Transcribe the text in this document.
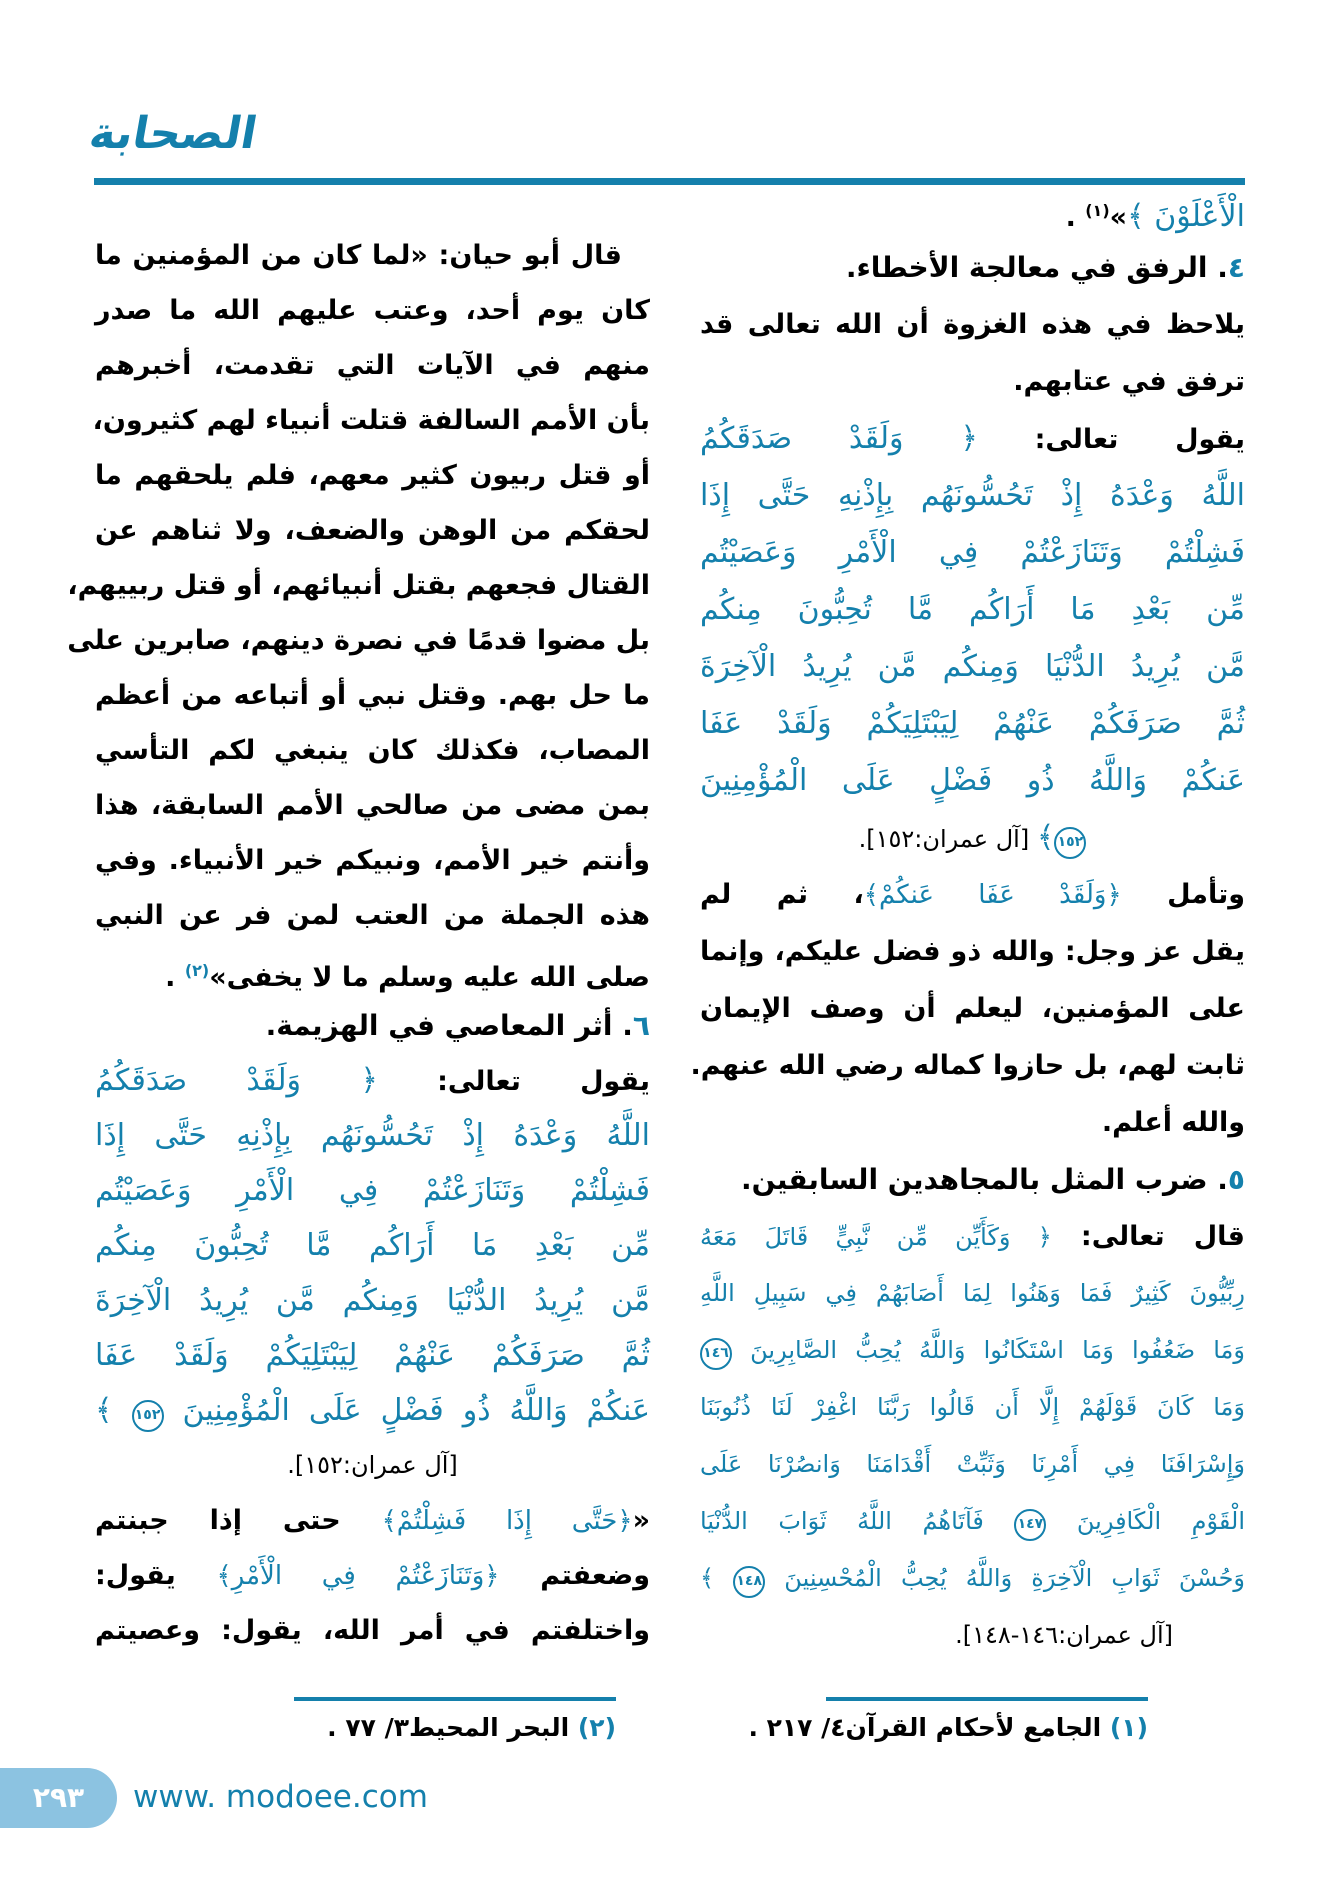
الصحابة
الْأَعْلَوْنَ ﴾»(١) .
٤. الرفق في معالجة الأخطاء.
يلاحظ في هذه الغزوة أن الله تعالى قد
ترفق في عتابهم.
يقول تعالى: ﴿ وَلَقَدْ صَدَقَكُمُ
اللَّهُ وَعْدَهُ إِذْ تَحُسُّونَهُم بِإِذْنِهِ حَتَّى إِذَا
فَشِلْتُمْ وَتَنَازَعْتُمْ فِي الْأَمْرِ وَعَصَيْتُم
مِّن بَعْدِ مَا أَرَاكُم مَّا تُحِبُّونَ مِنكُم
مَّن يُرِيدُ الدُّنْيَا وَمِنكُم مَّن يُرِيدُ الْآخِرَةَ
ثُمَّ صَرَفَكُمْ عَنْهُمْ لِيَبْتَلِيَكُمْ وَلَقَدْ عَفَا
عَنكُمْ وَاللَّهُ ذُو فَضْلٍ عَلَى الْمُؤْمِنِينَ
١٥٢﴾ [آل عمران:١٥٢].
وتأمل ﴿وَلَقَدْ عَفَا عَنكُمْ﴾، ثم لم
يقل عز وجل: والله ذو فضل عليكم، وإنما
على المؤمنين، ليعلم أن وصف الإيمان
ثابت لهم، بل حازوا كماله رضي الله عنهم.
والله أعلم.
٥. ضرب المثل بالمجاهدين السابقين.
قال تعالى: ﴿ وَكَأَيِّن مِّن نَّبِيٍّ قَاتَلَ مَعَهُ
رِبِّيُّونَ كَثِيرٌ فَمَا وَهَنُوا لِمَا أَصَابَهُمْ فِي سَبِيلِ اللَّهِ
وَمَا ضَعُفُوا وَمَا اسْتَكَانُوا وَاللَّهُ يُحِبُّ الصَّابِرِينَ ١٤٦
وَمَا كَانَ قَوْلَهُمْ إِلَّا أَن قَالُوا رَبَّنَا اغْفِرْ لَنَا ذُنُوبَنَا
وَإِسْرَافَنَا فِي أَمْرِنَا وَثَبِّتْ أَقْدَامَنَا وَانصُرْنَا عَلَى
الْقَوْمِ الْكَافِرِينَ ١٤٧ فَآتَاهُمُ اللَّهُ ثَوَابَ الدُّنْيَا
وَحُسْنَ ثَوَابِ الْآخِرَةِ وَاللَّهُ يُحِبُّ الْمُحْسِنِينَ ١٤٨ ﴾
[آل عمران:١٤٦-١٤٨].
قال أبو حيان: «لما كان من المؤمنين ما
كان يوم أحد، وعتب عليهم الله ما صدر
منهم في الآيات التي تقدمت، أخبرهم
بأن الأمم السالفة قتلت أنبياء لهم كثيرون،
أو قتل ربيون كثير معهم، فلم يلحقهم ما
لحقكم من الوهن والضعف، ولا ثناهم عن
القتال فجعهم بقتل أنبيائهم، أو قتل ربييهم،
بل مضوا قدمًا في نصرة دينهم، صابرين على
ما حل بهم. وقتل نبي أو أتباعه من أعظم
المصاب، فكذلك كان ينبغي لكم التأسي
بمن مضى من صالحي الأمم السابقة، هذا
وأنتم خير الأمم، ونبيكم خير الأنبياء. وفي
هذه الجملة من العتب لمن فر عن النبي
صلى الله عليه وسلم ما لا يخفى»(٢) .
٦. أثر المعاصي في الهزيمة.
يقول تعالى: ﴿ وَلَقَدْ صَدَقَكُمُ
اللَّهُ وَعْدَهُ إِذْ تَحُسُّونَهُم بِإِذْنِهِ حَتَّى إِذَا
فَشِلْتُمْ وَتَنَازَعْتُمْ فِي الْأَمْرِ وَعَصَيْتُم
مِّن بَعْدِ مَا أَرَاكُم مَّا تُحِبُّونَ مِنكُم
مَّن يُرِيدُ الدُّنْيَا وَمِنكُم مَّن يُرِيدُ الْآخِرَةَ
ثُمَّ صَرَفَكُمْ عَنْهُمْ لِيَبْتَلِيَكُمْ وَلَقَدْ عَفَا
عَنكُمْ وَاللَّهُ ذُو فَضْلٍ عَلَى الْمُؤْمِنِينَ ١٥٢ ﴾
[آل عمران:١٥٢].
«﴿حَتَّى إِذَا فَشِلْتُمْ﴾ حتى إذا جبنتم
وضعفتم ﴿وَتَنَازَعْتُمْ فِي الْأَمْرِ﴾ يقول:
واختلفتم في أمر الله، يقول: وعصيتم
(١) الجامع لأحكام القرآن٤/ ٢١٧ .
(٢) البحر المحيط٣/ ٧٧ .
٢٩٣	www. modoee.com
